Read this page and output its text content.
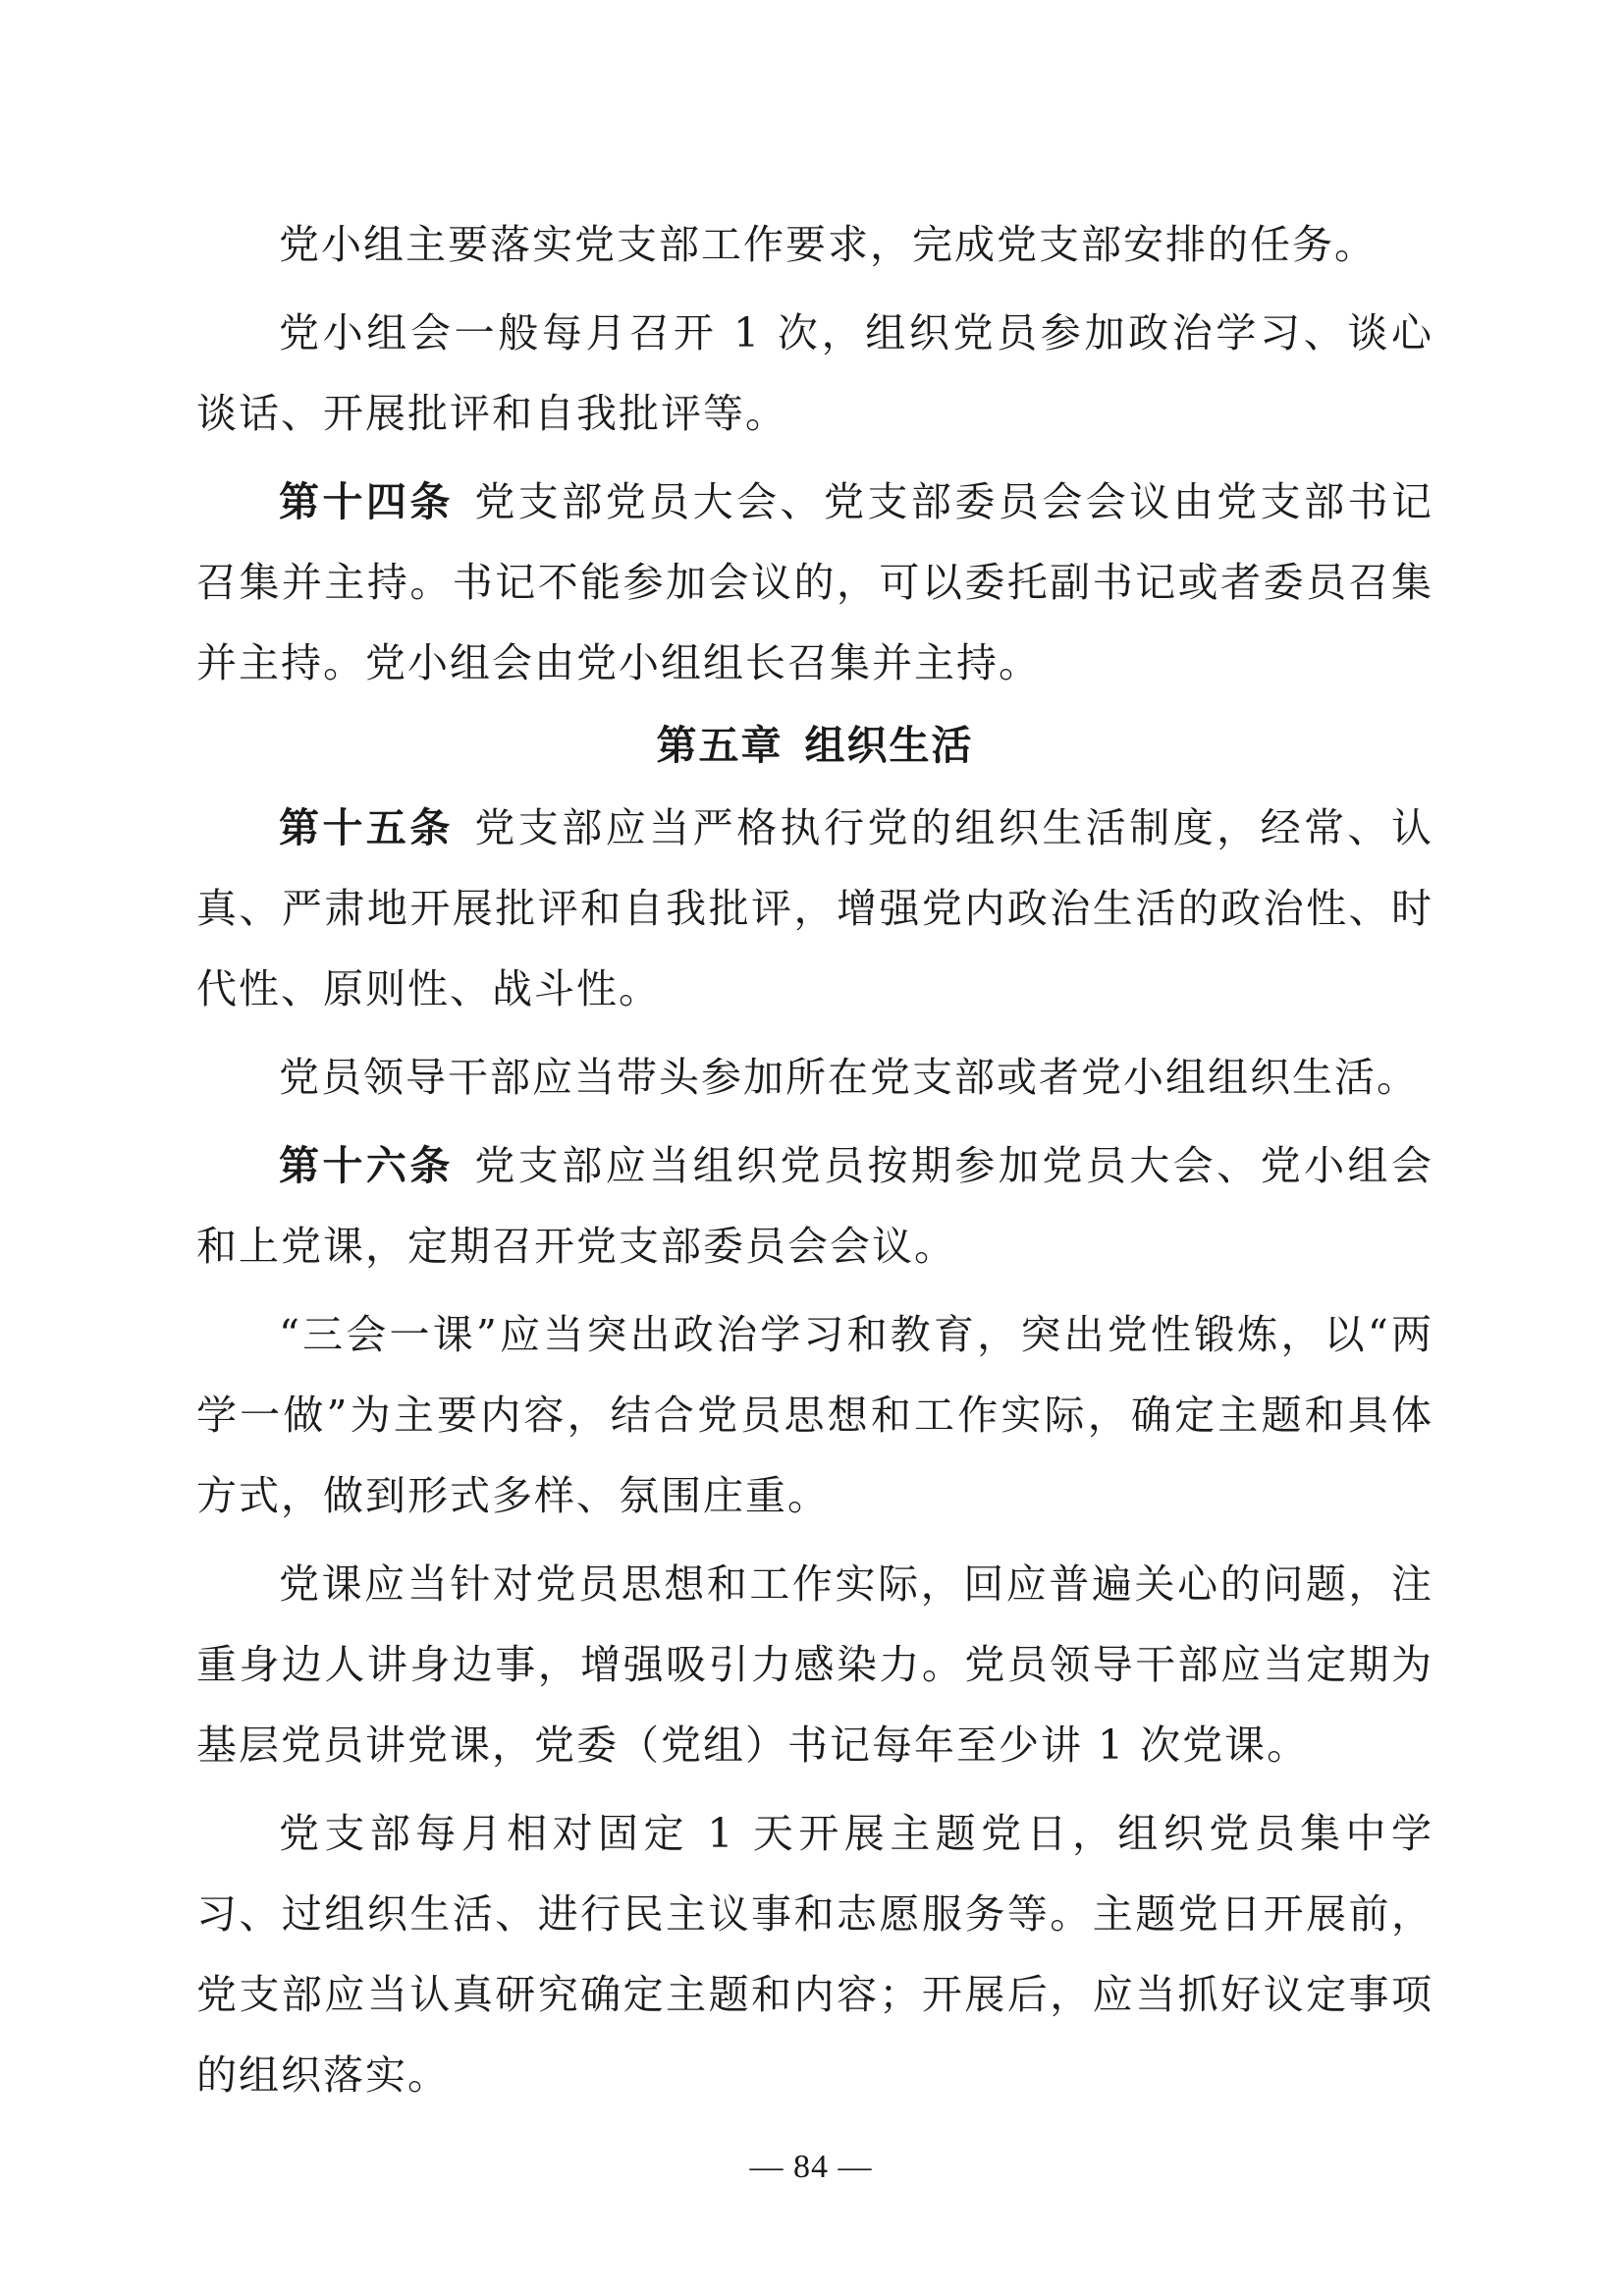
党小组主要落实党支部工作要求，完成党支部安排的任务。

党小组会一般每月召开 1 次，组织党员参加政治学习、谈心谈话、开展批评和自我批评等。

第十四条 党支部党员大会、党支部委员会会议由党支部书记召集并主持。书记不能参加会议的，可以委托副书记或者委员召集并主持。党小组会由党小组组长召集并主持。

第五章 组织生活

第十五条 党支部应当严格执行党的组织生活制度，经常、认真、严肃地开展批评和自我批评，增强党内政治生活的政治性、时代性、原则性、战斗性。

党员领导干部应当带头参加所在党支部或者党小组组织生活。

第十六条 党支部应当组织党员按期参加党员大会、党小组会和上党课，定期召开党支部委员会会议。

“三会一课”应当突出政治学习和教育，突出党性锻炼，以“两学一做”为主要内容，结合党员思想和工作实际，确定主题和具体方式，做到形式多样、氛围庄重。

党课应当针对党员思想和工作实际，回应普遍关心的问题，注重身边人讲身边事，增强吸引力感染力。党员领导干部应当定期为基层党员讲党课，党委（党组）书记每年至少讲 1 次党课。

党支部每月相对固定 1 天开展主题党日，组织党员集中学习、过组织生活、进行民主议事和志愿服务等。主题党日开展前，党支部应当认真研究确定主题和内容；开展后，应当抓好议定事项的组织落实。

— 84 —
